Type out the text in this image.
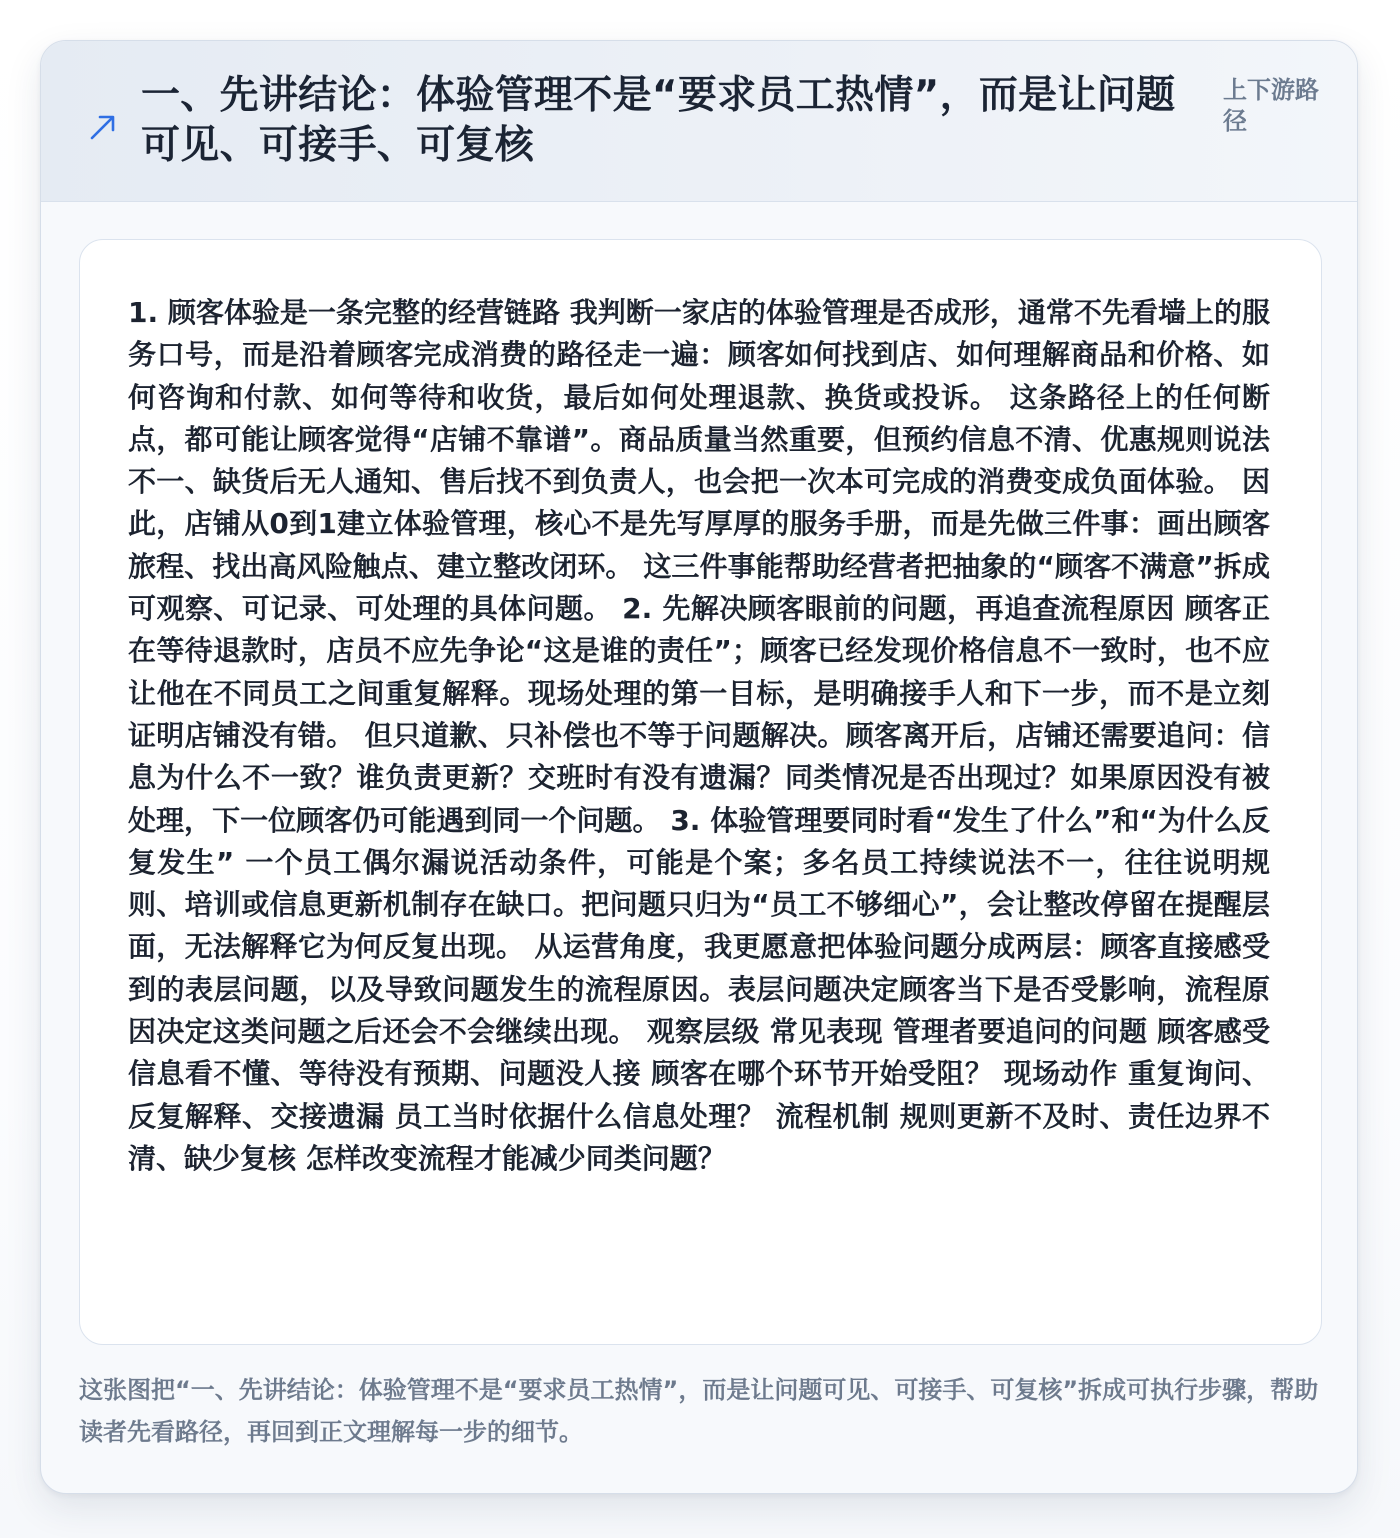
一、先讲结论：体验管理不是“要求员工热情”，而是让问题可见、可接手、可复核
上下游路径

1. 顾客体验是一条完整的经营链路 我判断一家店的体验管理是否成形，通常不先看墙上的服务口号，而是沿着顾客完成消费的路径走一遍：顾客如何找到店、如何理解商品和价格、如何咨询和付款、如何等待和收货，最后如何处理退款、换货或投诉。 这条路径上的任何断点，都可能让顾客觉得“店铺不靠谱”。商品质量当然重要，但预约信息不清、优惠规则说法不一、缺货后无人通知、售后找不到负责人，也会把一次本可完成的消费变成负面体验。 因此，店铺从0到1建立体验管理，核心不是先写厚厚的服务手册，而是先做三件事：画出顾客旅程、找出高风险触点、建立整改闭环。 这三件事能帮助经营者把抽象的“顾客不满意”拆成可观察、可记录、可处理的具体问题。 2. 先解决顾客眼前的问题，再追查流程原因 顾客正在等待退款时，店员不应先争论“这是谁的责任”；顾客已经发现价格信息不一致时，也不应让他在不同员工之间重复解释。现场处理的第一目标，是明确接手人和下一步，而不是立刻证明店铺没有错。 但只道歉、只补偿也不等于问题解决。顾客离开后，店铺还需要追问：信息为什么不一致？谁负责更新？交班时有没有遗漏？同类情况是否出现过？如果原因没有被处理，下一位顾客仍可能遇到同一个问题。 3. 体验管理要同时看“发生了什么”和“为什么反复发生” 一个员工偶尔漏说活动条件，可能是个案；多名员工持续说法不一，往往说明规则、培训或信息更新机制存在缺口。把问题只归为“员工不够细心”，会让整改停留在提醒层面，无法解释它为何反复出现。 从运营角度，我更愿意把体验问题分成两层：顾客直接感受到的表层问题，以及导致问题发生的流程原因。表层问题决定顾客当下是否受影响，流程原因决定这类问题之后还会不会继续出现。 观察层级 常见表现 管理者要追问的问题 顾客感受 信息看不懂、等待没有预期、问题没人接 顾客在哪个环节开始受阻？ 现场动作 重复询问、反复解释、交接遗漏 员工当时依据什么信息处理？ 流程机制 规则更新不及时、责任边界不清、缺少复核 怎样改变流程才能减少同类问题？

这张图把“一、先讲结论：体验管理不是“要求员工热情”，而是让问题可见、可接手、可复核”拆成可执行步骤，帮助读者先看路径，再回到正文理解每一步的细节。
